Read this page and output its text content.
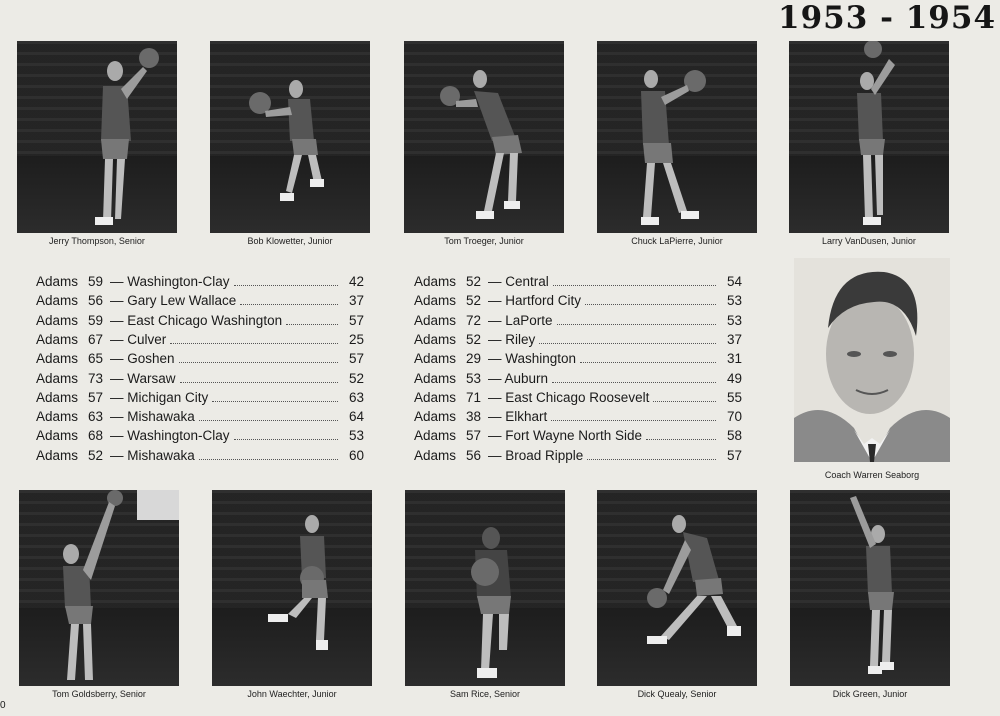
1953 - 1954
Jerry Thompson, Senior	Bob Klowetter, Junior	Tom Troeger, Junior	Chuck LaPierre, Junior	Larry VanDusen, Junior
Adams 59 — Washington-Clay	42
Adams 56 — Gary Lew Wallace	37
Adams 59 — East Chicago Washington	57
Adams 67 — Culver	25
Adams 65 — Goshen	57
Adams 73 — Warsaw	52
Adams 57 — Michigan City	63
Adams 63 — Mishawaka	64
Adams 68 — Washington-Clay	53
Adams 52 — Mishawaka	60
Adams 52 — Central	54
Adams 52 — Hartford City	53
Adams 72 — LaPorte	53
Adams 52 — Riley	37
Adams 29 — Washington	31
Adams 53 — Auburn	49
Adams 71 — East Chicago Roosevelt	55
Adams 38 — Elkhart	70
Adams 57 — Fort Wayne North Side	58
Adams 56 — Broad Ripple	57
Coach Warren Seaborg
Tom Goldsberry, Senior	John Waechter, Junior	Sam Rice, Senior	Dick Quealy, Senior	Dick Green, Junior
0
